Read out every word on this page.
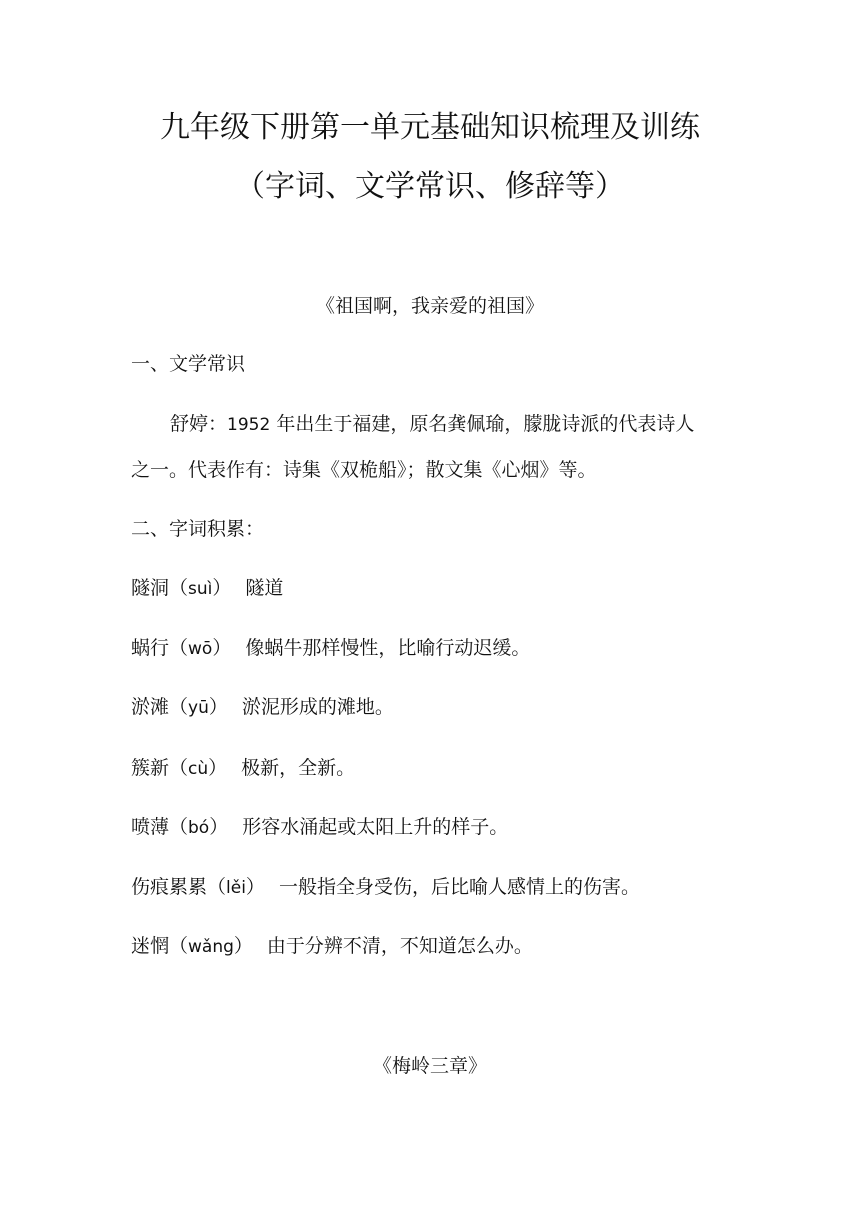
九年级下册第一单元基础知识梳理及训练
（字词、文学常识、修辞等）
《祖国啊，我亲爱的祖国》
一、文学常识
舒婷：1952 年出生于福建，原名龚佩瑜，朦胧诗派的代表诗人
之一。代表作有：诗集《双桅船》；散文集《心烟》等。
二、字词积累：
隧洞（suì） 隧道
蜗行（wō） 像蜗牛那样慢性，比喻行动迟缓。
淤滩（yū） 淤泥形成的滩地。
簇新（cù） 极新，全新。
喷薄（bó） 形容水涌起或太阳上升的样子。
伤痕累累（lěi） 一般指全身受伤，后比喻人感情上的伤害。
迷惘（wǎng） 由于分辨不清，不知道怎么办。
《梅岭三章》
